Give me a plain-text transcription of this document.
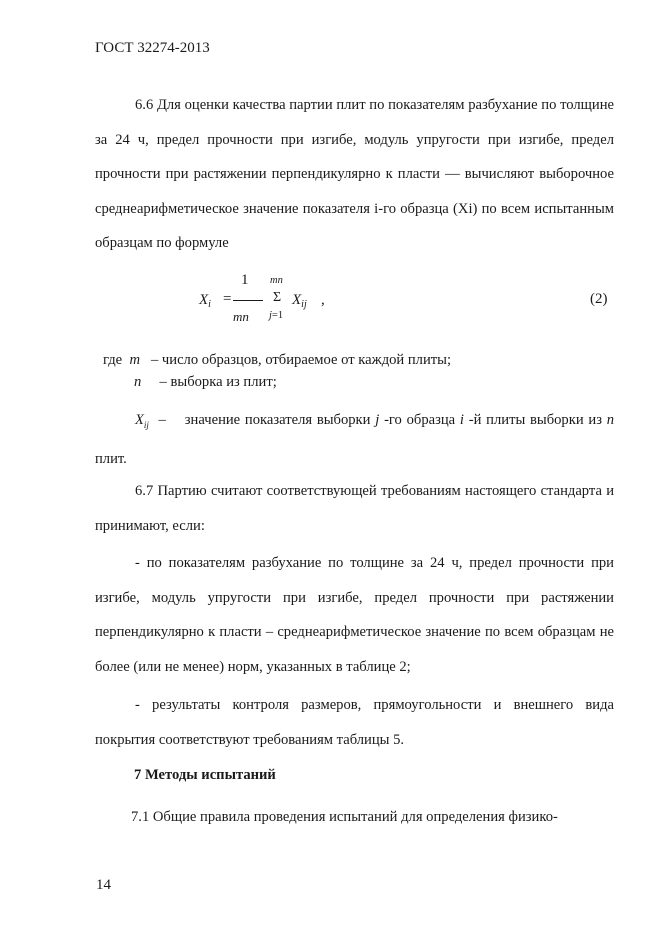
ГОСТ 32274-2013
6.6 Для оценки качества партии плит по показателям разбухание по толщине за 24 ч, предел прочности при изгибе, модуль упругости при изгибе, предел прочности при растяжении перпендикулярно к пласти — вычисляют выборочное среднеарифметическое значение показателя i-го образца (Xi) по всем испытанным образцам по формуле
$X_i$ =
1
mn
mn
Σ
j=1
$X_{ij}$ ,	(2)
где m – число образцов, отбираемое от каждой плиты;
n – выборка из плит;
$X_{ij}$ – значение показателя выборки j -го образца i -й плиты выборки из n плит.
6.7 Партию считают соответствующей требованиям настоящего стандарта и принимают, если:
- по показателям разбухание по толщине за 24 ч, предел прочности при изгибе, модуль упругости при изгибе, предел прочности при растяжении перпендикулярно к пласти – среднеарифметическое значение по всем образцам не более (или не менее) норм, указанных в таблице 2;
- результаты контроля размеров, прямоугольности и внешнего вида покрытия соответствуют требованиям таблицы 5.
7 Методы испытаний
7.1 Общие правила проведения испытаний для определения физико-
14
